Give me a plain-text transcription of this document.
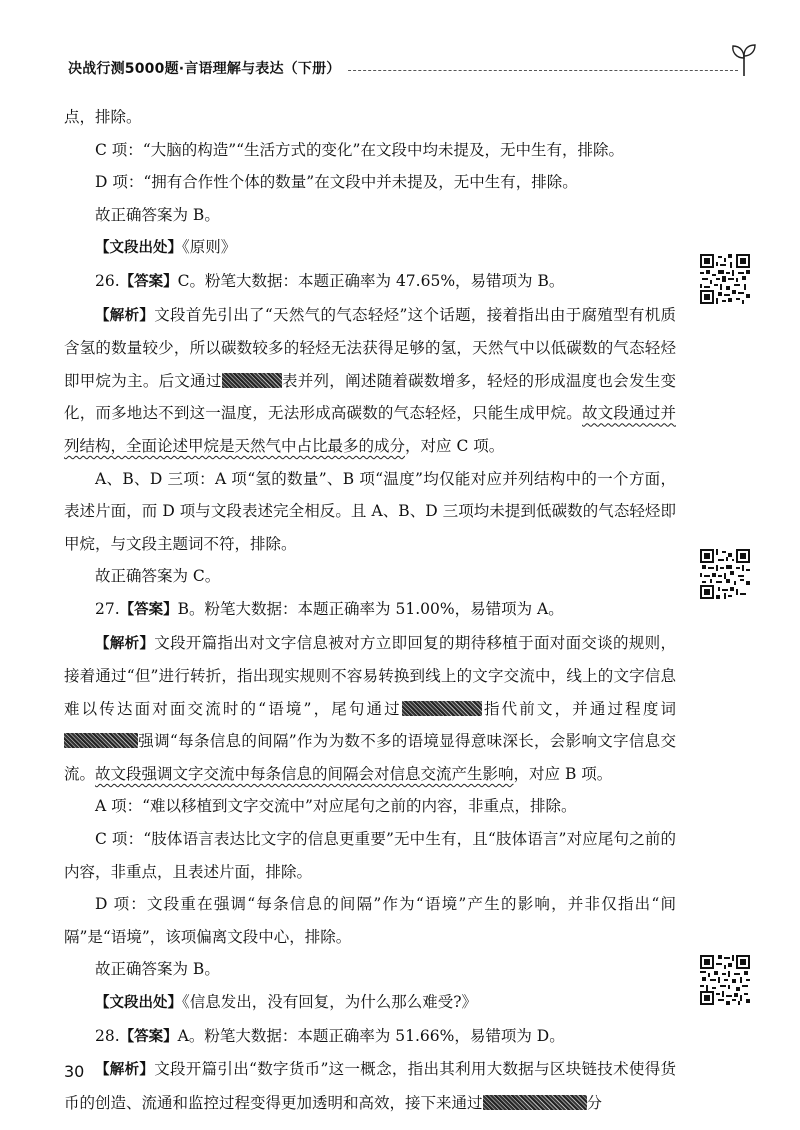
决战行测5000题·言语理解与表达（下册）

点，排除。

C 项：“大脑的构造”“生活方式的变化”在文段中均未提及，无中生有，排除。

D 项：“拥有合作性个体的数量”在文段中并未提及，无中生有，排除。

故正确答案为 B。

【文段出处】《原则》

26.【答案】C。粉笔大数据：本题正确率为 47.65%，易错项为 B。

【解析】文段首先引出了“天然气的气态轻烃”这个话题，接着指出由于腐殖型有机质含氢的数量较少，所以碳数较多的轻烃无法获得足够的氢，天然气中以低碳数的气态轻烃即甲烷为主。后文通过	表并列，阐述随着碳数增多，轻烃的形成温度也会发生变化，而多地达不到这一温度，无法形成高碳数的气态轻烃，只能生成甲烷。故文段通过并列结构，全面论述甲烷是天然气中占比最多的成分，对应 C 项。

A、B、D 三项：A 项“氢的数量”、B 项“温度”均仅能对应并列结构中的一个方面，表述片面，而 D 项与文段表述完全相反。且 A、B、D 三项均未提到低碳数的气态轻烃即甲烷，与文段主题词不符，排除。

故正确答案为 C。

27.【答案】B。粉笔大数据：本题正确率为 51.00%，易错项为 A。

【解析】文段开篇指出对文字信息被对方立即回复的期待移植于面对面交谈的规则，接着通过“但”进行转折，指出现实规则不容易转换到线上的文字交流中，线上的文字信息难以传达面对面交流时的“语境”，尾句通过	指代前文，并通过程度词强调“每条信息的间隔”作为为数不多的语境显得意味深长，会影响文字信息交流。故文段强调文字交流中每条信息的间隔会对信息交流产生影响，对应 B 项。

A 项：“难以移植到文字交流中”对应尾句之前的内容，非重点，排除。

C 项：“肢体语言表达比文字的信息更重要”无中生有，且“肢体语言”对应尾句之前的内容，非重点，且表述片面，排除。

D 项：文段重在强调“每条信息的间隔”作为“语境”产生的影响，并非仅指出“间隔”是“语境”，该项偏离文段中心，排除。

故正确答案为 B。

【文段出处】《信息发出，没有回复，为什么那么难受?》

28.【答案】A。粉笔大数据：本题正确率为 51.66%，易错项为 D。

【解析】文段开篇引出“数字货币”这一概念，指出其利用大数据与区块链技术使得货币的创造、流通和监控过程变得更加透明和高效，接下来通过	分

30
